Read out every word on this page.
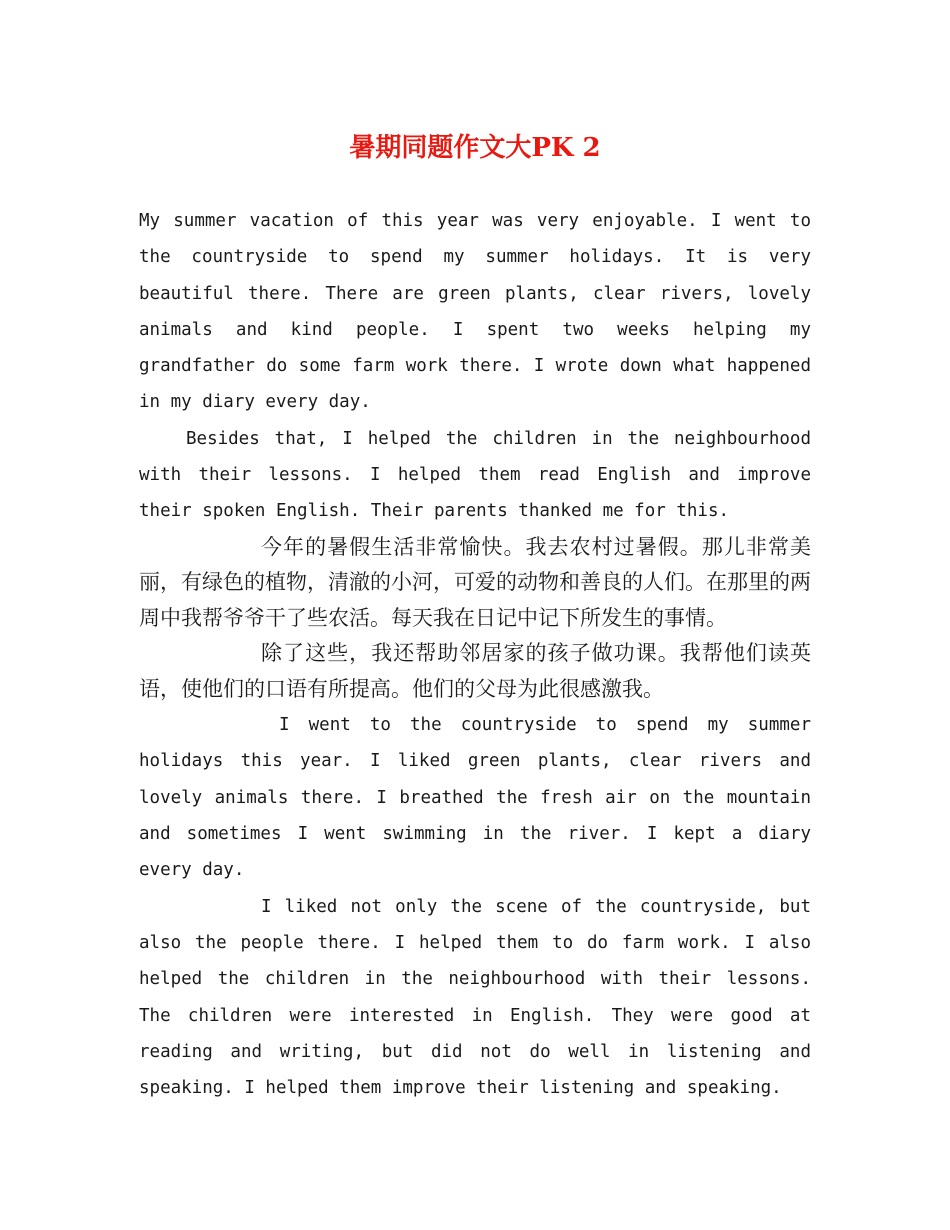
暑期同题作文大PK 2

My summer vacation of this year was very enjoyable. I went to the countryside to spend my summer holidays. It is very beautiful there. There are green plants, clear rivers, lovely animals and kind people. I spent two weeks helping my grandfather do some farm work there. I wrote down what happened in my diary every day.

Besides that, I helped the children in the neighbourhood with their lessons. I helped them read English and improve their spoken English. Their parents thanked me for this.

今年的暑假生活非常愉快。我去农村过暑假。那儿非常美丽，有绿色的植物，清澈的小河，可爱的动物和善良的人们。在那里的两周中我帮爷爷干了些农活。每天我在日记中记下所发生的事情。

除了这些，我还帮助邻居家的孩子做功课。我帮他们读英语，使他们的口语有所提高。他们的父母为此很感激我。

I went to the countryside to spend my summer holidays this year. I liked green plants, clear rivers and lovely animals there. I breathed the fresh air on the mountain and sometimes I went swimming in the river. I kept a diary every day.

I liked not only the scene of the countryside, but also the people there. I helped them to do farm work. I also helped the children in the neighbourhood with their lessons. The children were interested in English. They were good at reading and writing, but did not do well in listening and speaking. I helped them improve their listening and speaking.
